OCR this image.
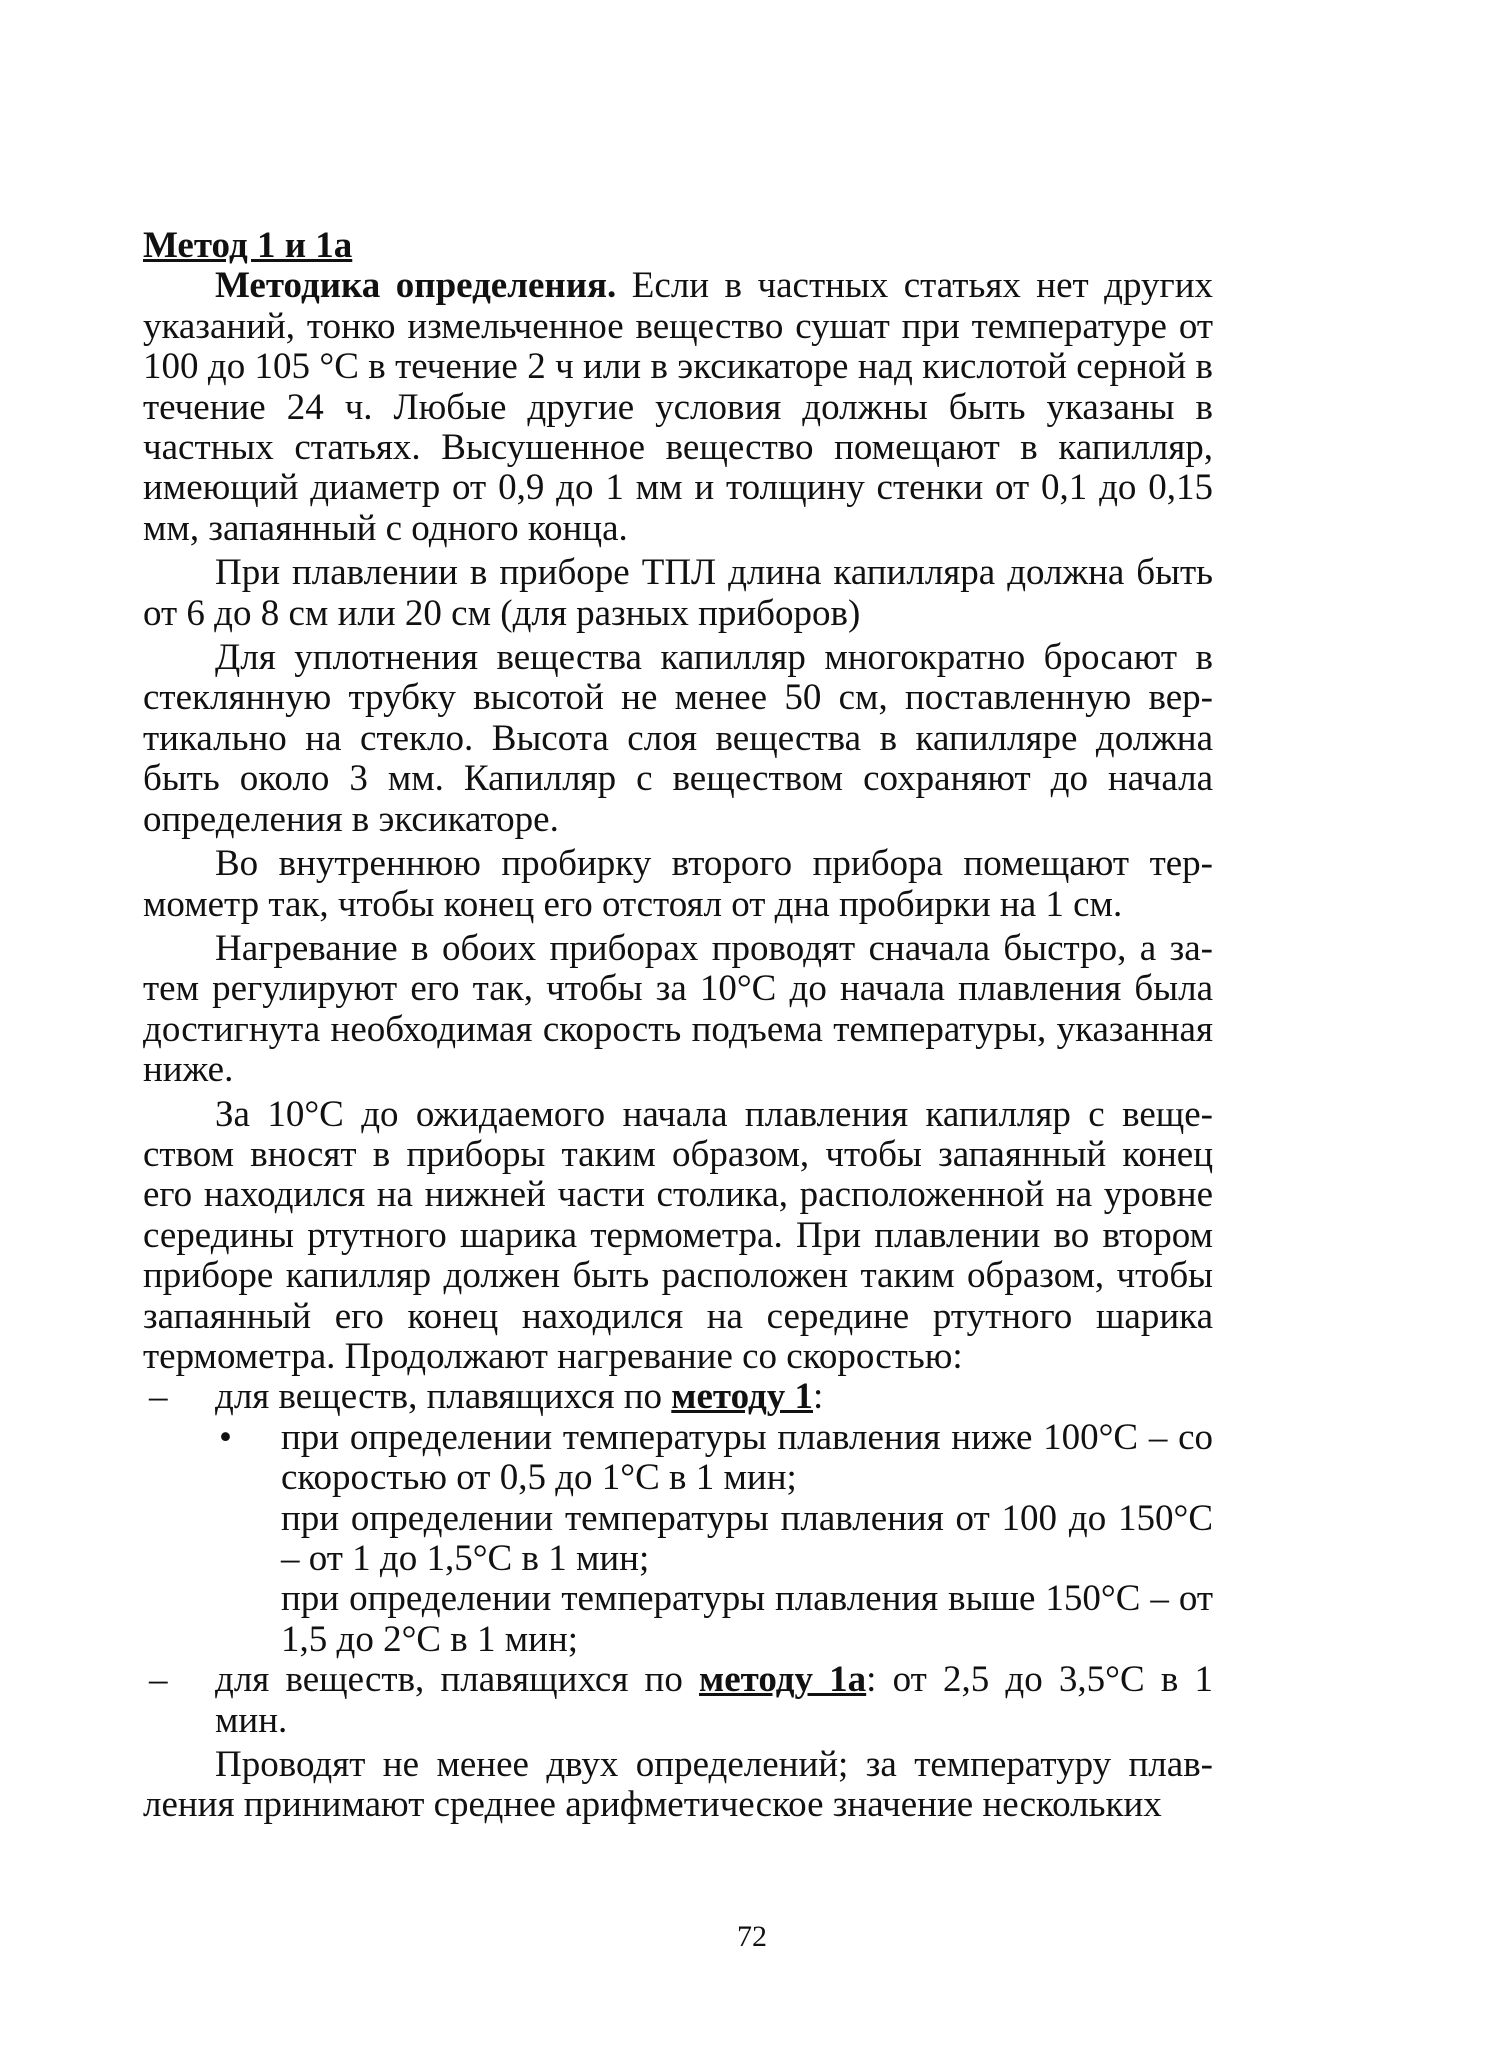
Метод 1 и 1а

Методика определения. Если в частных статьях нет других указаний, тонко измельченное вещество сушат при температуре от 100 до 105 °С в течение 2 ч или в эксикаторе над кислотой серной в течение 24 ч. Любые другие условия должны быть указаны в частных статьях. Высушенное вещество помещают в капилляр, имеющий диаметр от 0,9 до 1 мм и толщину стенки от 0,1 до 0,15 мм, запаянный с одного конца.

При плавлении в приборе ТПЛ длина капилляра должна быть от 6 до 8 см или 20 см (для разных приборов)

Для уплотнения вещества капилляр многократно бросают в стеклянную трубку высотой не менее 50 см, поставленную вертикально на стекло. Высота слоя вещества в капилляре должна быть около 3 мм. Капилляр с веществом сохраняют до начала определения в эксикаторе.

Во внутреннюю пробирку второго прибора помещают термометр так, чтобы конец его отстоял от дна пробирки на 1 см.

Нагревание в обоих приборах проводят сначала быстро, а затем регулируют его так, чтобы за 10°С до начала плавления была достигнута необходимая скорость подъема температуры, указанная ниже.

За 10°С до ожидаемого начала плавления капилляр с веществом вносят в приборы таким образом, чтобы запаянный конец его находился на нижней части столика, расположенной на уровне середины ртутного шарика термометра. При плавлении во втором приборе капилляр должен быть расположен таким образом, чтобы запаянный его конец находился на середине ртутного шарика термометра. Продолжают нагревание со скоростью:

– для веществ, плавящихся по методу 1:
• при определении температуры плавления ниже 100°С – со скоростью от 0,5 до 1°С в 1 мин;
при определении температуры плавления от 100 до 150°С – от 1 до 1,5°С в 1 мин;
при определении температуры плавления выше 150°С – от 1,5 до 2°С в 1 мин;
– для веществ, плавящихся по методу 1а: от 2,5 до 3,5°С в 1 мин.

Проводят не менее двух определений; за температуру плавления принимают среднее арифметическое значение нескольких

72
